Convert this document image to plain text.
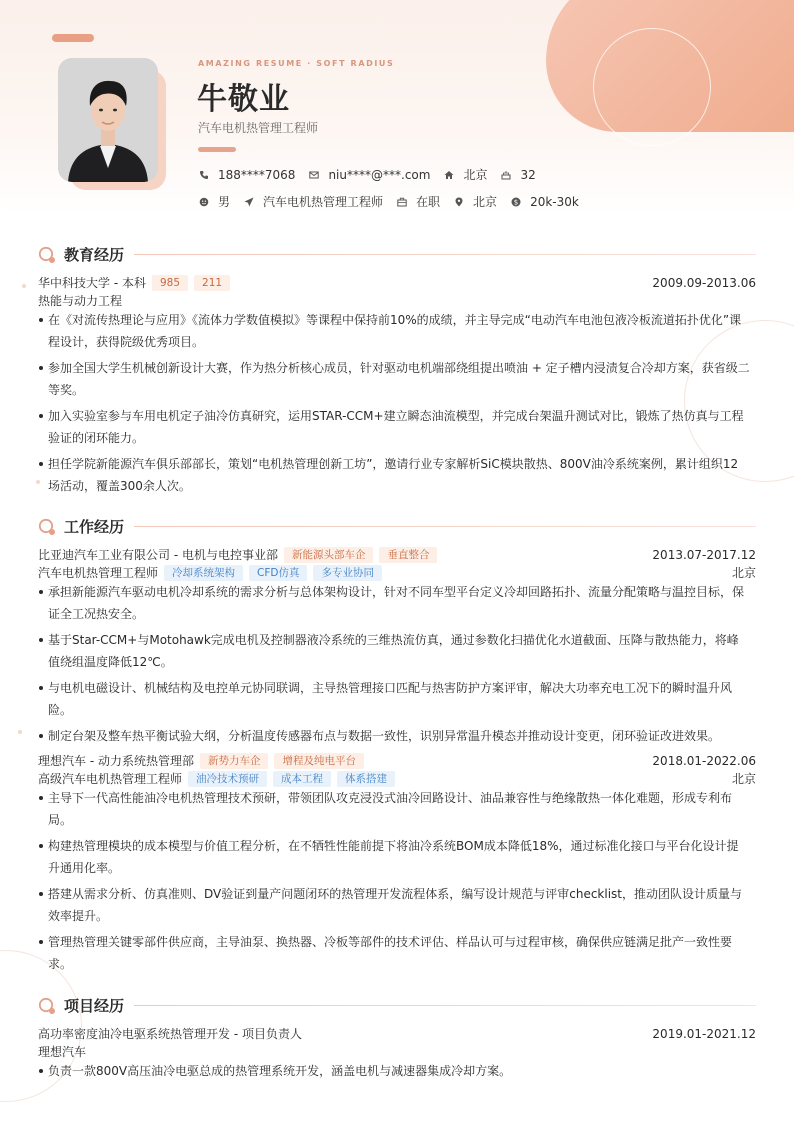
AMAZING RESUME · SOFT RADIUS
牛敬业
汽车电机热管理工程师
188****7068	niu****@***.com	北京	32
男	汽车电机热管理工程师	在职	北京 $ 20k-30k
教育经历
华中科技大学 - 本科	985	211	2009.09-2013.06
热能与动力工程
在《对流传热理论与应用》《流体力学数值模拟》等课程中保持前10%的成绩，并主导完成“电动汽车电池包液冷板流道拓扑优化”课程设计，获得院级优秀项目。
参加全国大学生机械创新设计大赛，作为热分析核心成员，针对驱动电机端部绕组提出喷油 + 定子槽内浸渍复合冷却方案，获省级二等奖。
加入实验室参与车用电机定子油冷仿真研究，运用STAR-CCM+建立瞬态油流模型，并完成台架温升测试对比，锻炼了热仿真与工程验证的闭环能力。
担任学院新能源汽车俱乐部部长，策划“电机热管理创新工坊”，邀请行业专家解析SiC模块散热、800V油冷系统案例，累计组织12场活动，覆盖300余人次。
工作经历
比亚迪汽车工业有限公司 - 电机与电控事业部	新能源头部车企	垂直整合	2013.07-2017.12
汽车电机热管理工程师	冷却系统架构	CFD仿真	多专业协同	北京
承担新能源汽车驱动电机冷却系统的需求分析与总体架构设计，针对不同车型平台定义冷却回路拓扑、流量分配策略与温控目标，保证全工况热安全。
基于Star-CCM+与Motohawk完成电机及控制器液冷系统的三维热流仿真，通过参数化扫描优化水道截面、压降与散热能力，将峰值绕组温度降低12℃。
与电机电磁设计、机械结构及电控单元协同联调，主导热管理接口匹配与热害防护方案评审，解决大功率充电工况下的瞬时温升风险。
制定台架及整车热平衡试验大纲，分析温度传感器布点与数据一致性，识别异常温升模态并推动设计变更，闭环验证改进效果。
理想汽车 - 动力系统热管理部	新势力车企	增程及纯电平台	2018.01-2022.06
高级汽车电机热管理工程师	油冷技术预研	成本工程	体系搭建	北京
主导下一代高性能油冷电机热管理技术预研，带领团队攻克浸没式油冷回路设计、油品兼容性与绝缘散热一体化难题，形成专利布局。
构建热管理模块的成本模型与价值工程分析，在不牺牲性能前提下将油冷系统BOM成本降低18%，通过标准化接口与平台化设计提升通用化率。
搭建从需求分析、仿真准则、DV验证到量产问题闭环的热管理开发流程体系，编写设计规范与评审checklist，推动团队设计质量与效率提升。
管理热管理关键零部件供应商，主导油泵、换热器、冷板等部件的技术评估、样品认可与过程审核，确保供应链满足批产一致性要求。
项目经历
高功率密度油冷电驱系统热管理开发 - 项目负责人	2019.01-2021.12
理想汽车
负责一款800V高压油冷电驱总成的热管理系统开发，涵盖电机与减速器集成冷却方案。
